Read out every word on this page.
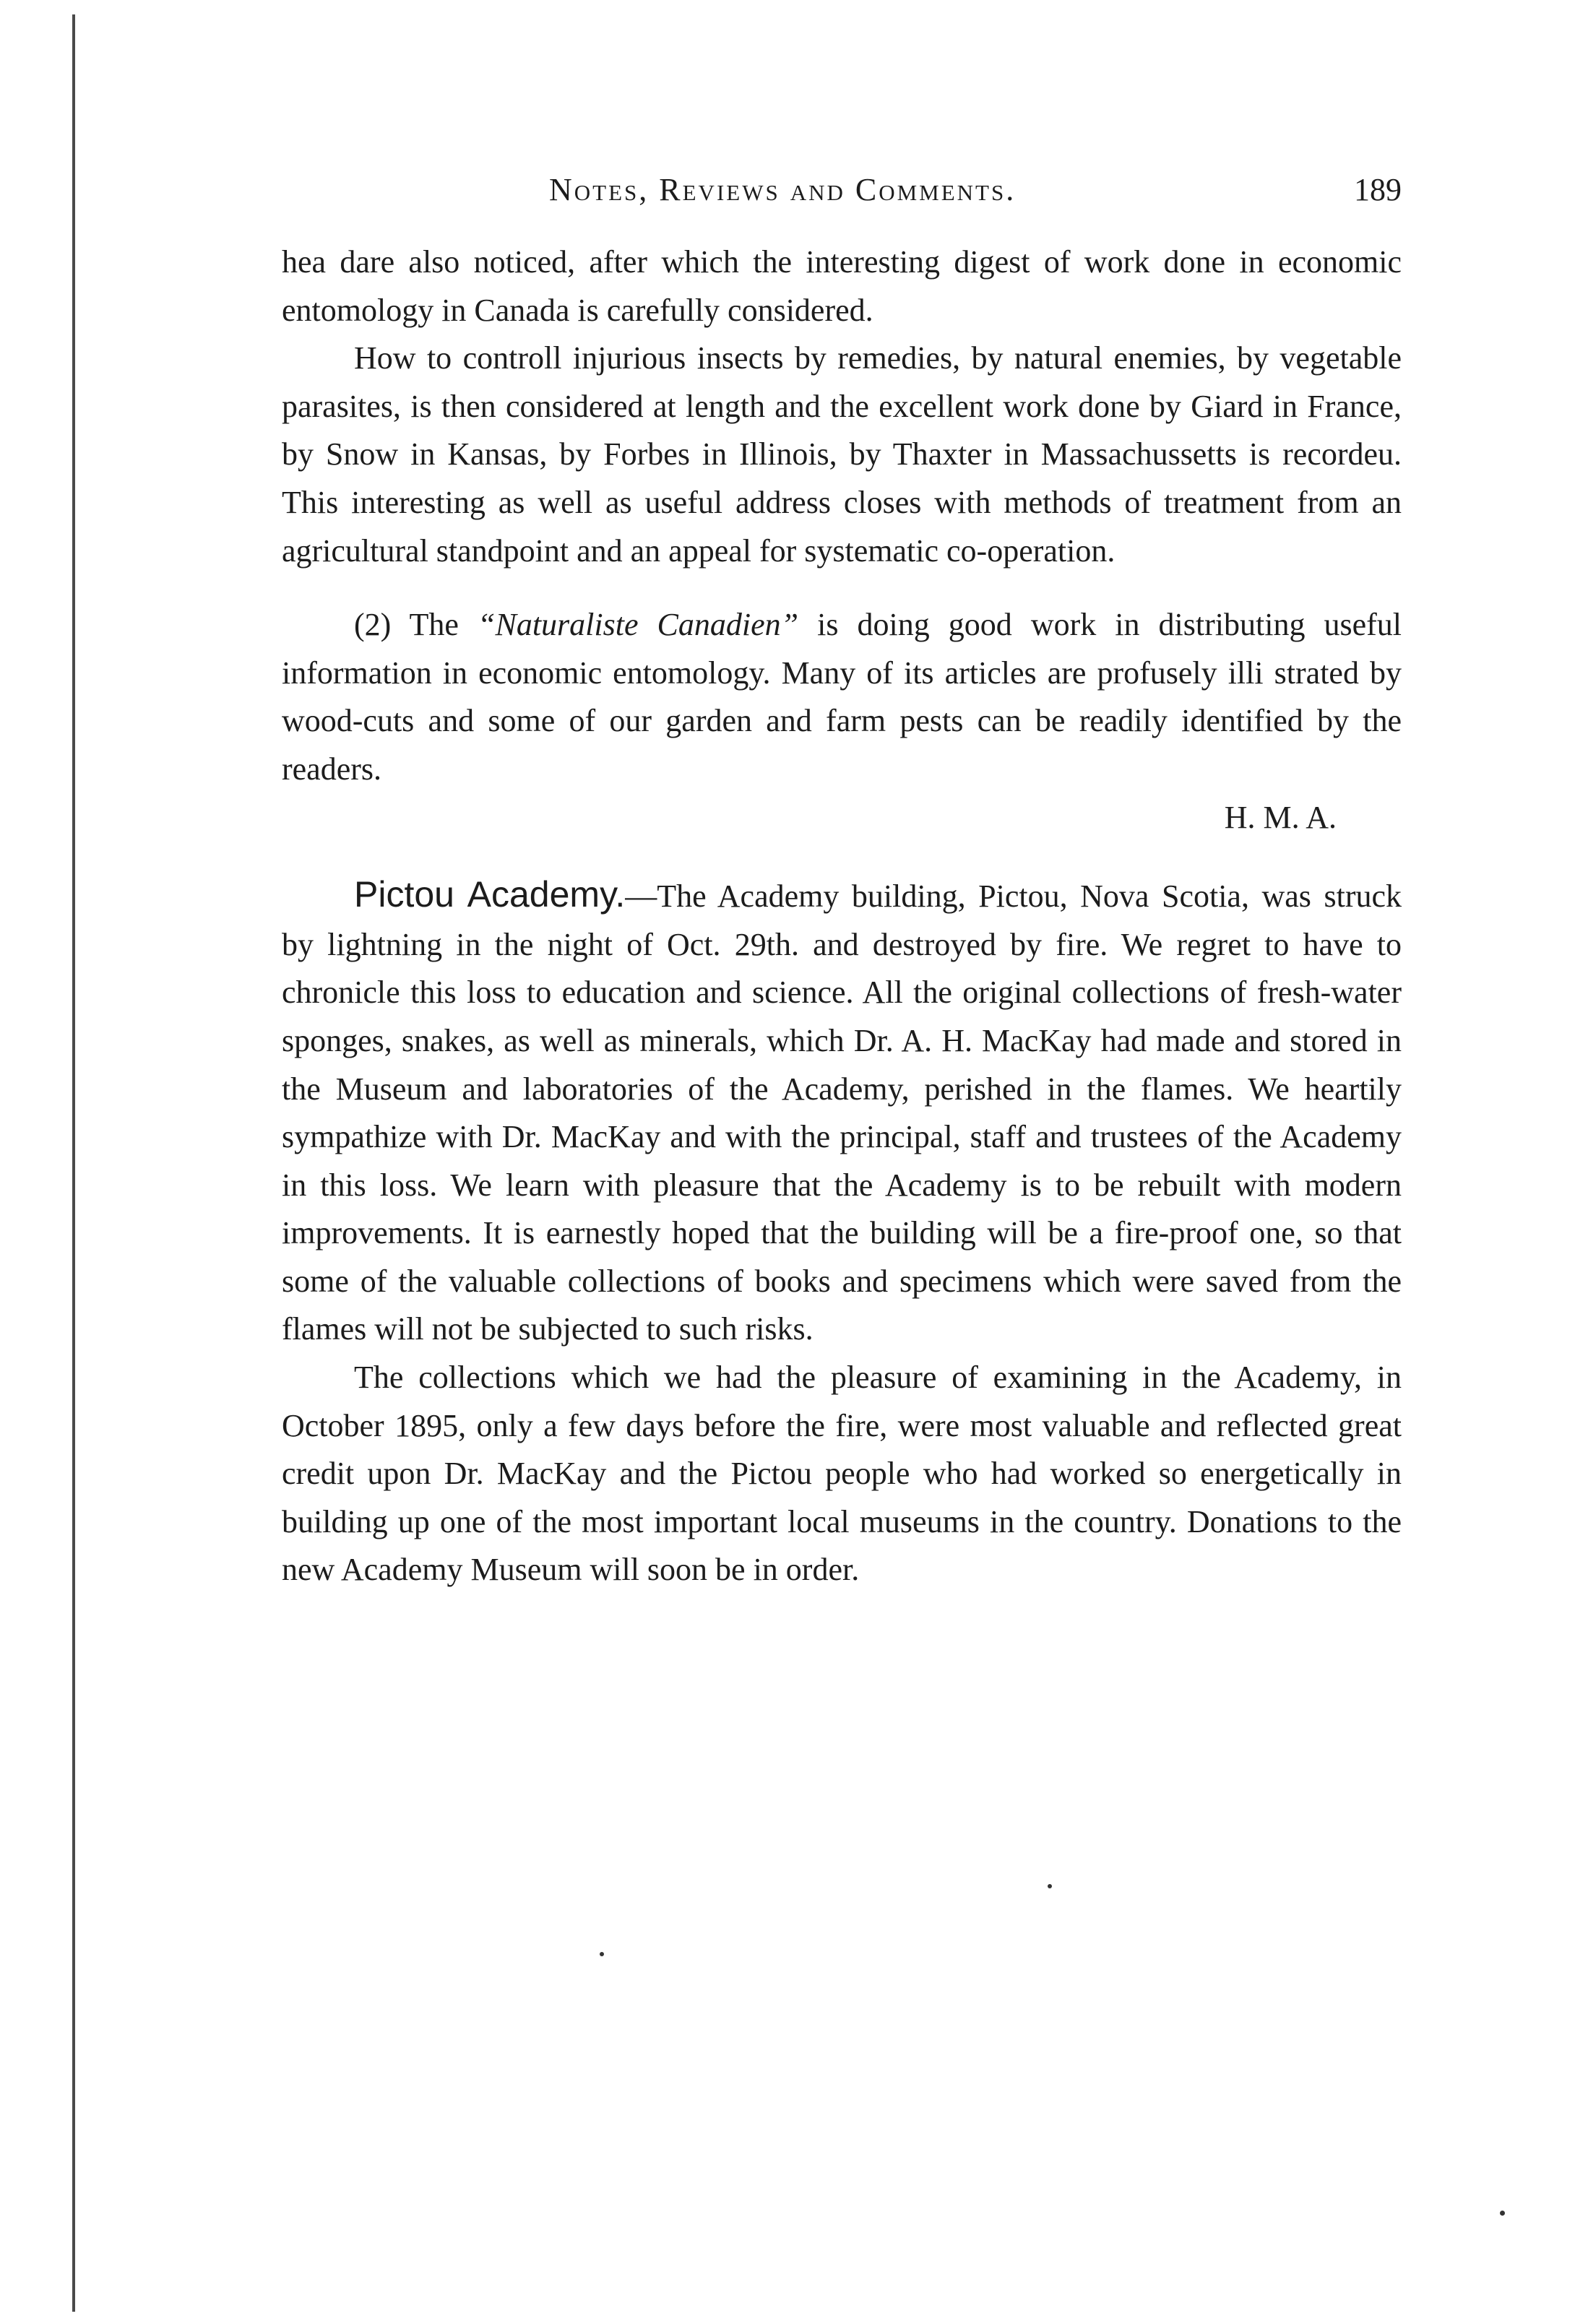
Notes, Reviews and Comments.	189

hea dare also noticed, after which the interesting digest of work done in economic entomology in Canada is carefully considered.

How to controll injurious insects by remedies, by natural enemies, by vegetable parasites, is then considered at length and the excellent work done by Giard in France, by Snow in Kansas, by Forbes in Illinois, by Thaxter in Massachussetts is recordeu. This interesting as well as useful address closes with methods of treatment from an agricultural standpoint and an appeal for systematic co-operation.

(2) The “Naturaliste Canadien” is doing good work in distributing useful information in economic entomology. Many of its articles are profusely illi strated by wood-cuts and some of our garden and farm pests can be readily identified by the readers.

H. M. A.

Pictou Academy.—The Academy building, Pictou, Nova Scotia, was struck by lightning in the night of Oct. 29th. and destroyed by fire. We regret to have to chronicle this loss to education and science. All the original collections of fresh-water sponges, snakes, as well as minerals, which Dr. A. H. MacKay had made and stored in the Museum and laboratories of the Academy, perished in the flames. We heartily sympathize with Dr. MacKay and with the principal, staff and trustees of the Academy in this loss. We learn with pleasure that the Academy is to be rebuilt with modern improvements. It is earnestly hoped that the building will be a fire-proof one, so that some of the valuable collections of books and specimens which were saved from the flames will not be subjected to such risks.

The collections which we had the pleasure of examining in the Academy, in October 1895, only a few days before the fire, were most valuable and reflected great credit upon Dr. MacKay and the Pictou people who had worked so energetically in building up one of the most important local museums in the country. Donations to the new Academy Museum will soon be in order.
